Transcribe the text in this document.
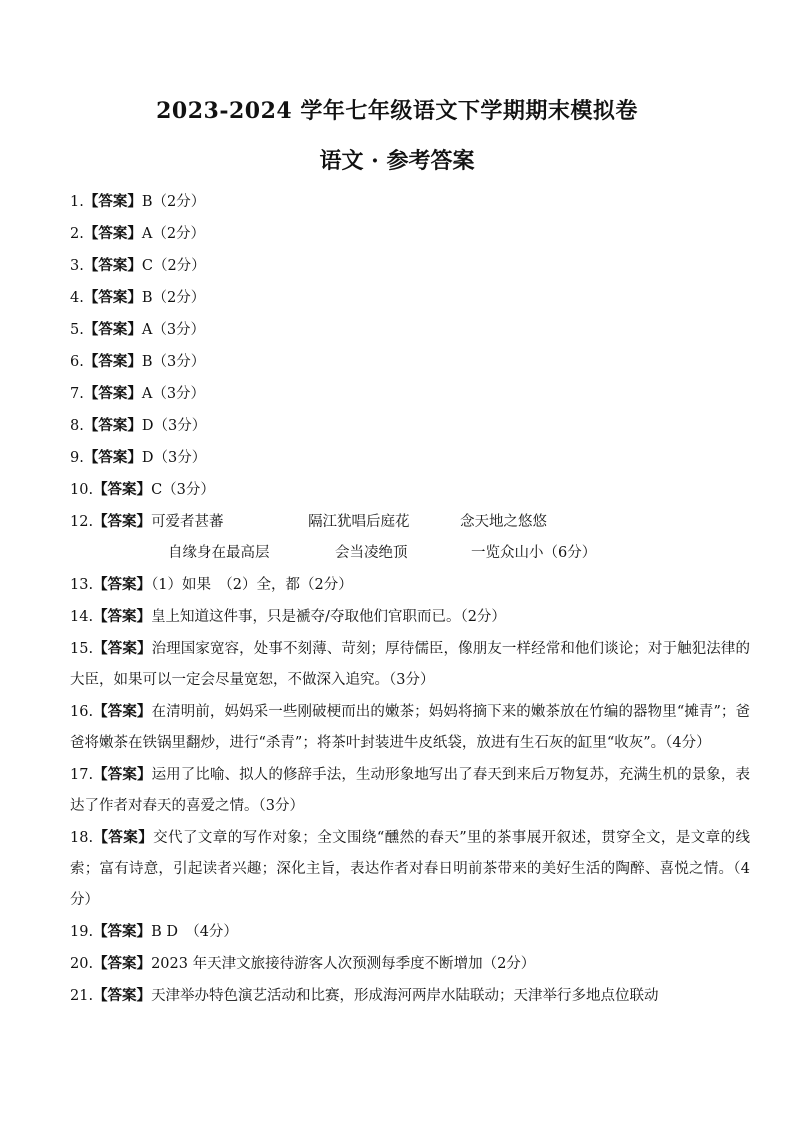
2023-2024 学年七年级语文下学期期末模拟卷
语文 · 参考答案
1.【答案】B（2分）
2.【答案】A（2分）
3.【答案】C（2分）
4.【答案】B（2分）
5.【答案】A（3分）
6.【答案】B（3分）
7.【答案】A（3分）
8.【答案】D（3分）
9.【答案】D（3分）
10.【答案】C（3分）
12.【答案】可爱者甚蕃	隔江犹唱后庭花	念天地之悠悠
自缘身在最高层	会当凌绝顶	一览众山小（6分）
13.【答案】（1）如果　（2）全，都（2分）
14.【答案】皇上知道这件事，只是褫夺/夺取他们官职而已。（2分）
15.【答案】治理国家宽容，处事不刻薄、苛刻；厚待儒臣，像朋友一样经常和他们谈论；对于触犯法律的大臣，如果可以一定会尽量宽恕，不做深入追究。（3分）
16.【答案】在清明前，妈妈采一些刚破梗而出的嫩茶；妈妈将摘下来的嫩茶放在竹编的器物里“摊青”；爸爸将嫩茶在铁锅里翻炒，进行“杀青”；将茶叶封装进牛皮纸袋，放进有生石灰的缸里“收灰”。（4分）
17.【答案】运用了比喻、拟人的修辞手法，生动形象地写出了春天到来后万物复苏，充满生机的景象，表达了作者对春天的喜爱之情。（3分）
18.【答案】交代了文章的写作对象；全文围绕“醺然的春天”里的茶事展开叙述，贯穿全文，是文章的线索；富有诗意，引起读者兴趣；深化主旨，表达作者对春日明前茶带来的美好生活的陶醉、喜悦之情。（4分）
19.【答案】B D　（4分）
20.【答案】2023 年天津文旅接待游客人次预测每季度不断增加（2分）
21.【答案】天津举办特色演艺活动和比赛，形成海河两岸水陆联动；天津举行多地点位联动
